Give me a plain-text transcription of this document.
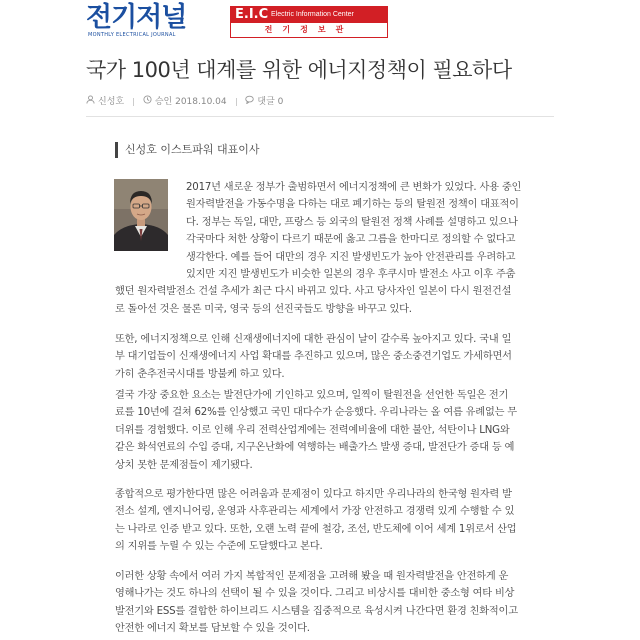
전기저널
MONTHLY ELECTRICAL JOURNAL
E.I.C Electric Information Center
전기정보관
국가 100년 대계를 위한 에너지정책이 필요하다
신성호	승인 2018.10.04	댓글 0
신성호 이스트파워 대표이사
2017년 새로운 정부가 출범하면서 에너지정책에 큰 변화가 있었다. 사용 중인
원자력발전을 가동수명을 다하는 대로 폐기하는 등의 탈원전 정책이 대표적이
다. 정부는 독일, 대만, 프랑스 등 외국의 탈원전 정책 사례를 설명하고 있으나
각국마다 처한 상황이 다르기 때문에 옳고 그름을 한마디로 정의할 수 없다고
생각한다. 예를 들어 대만의 경우 지진 발생빈도가 높아 안전관리를 우려하고
있지만 지진 발생빈도가 비슷한 일본의 경우 후쿠시마 발전소 사고 이후 주춤
했던 원자력발전소 건설 추세가 최근 다시 바뀌고 있다. 사고 당사자인 일본이 다시 원전건설
로 돌아선 것은 물론 미국, 영국 등의 선진국들도 방향을 바꾸고 있다.
또한, 에너지정책으로 인해 신재생에너지에 대한 관심이 날이 갈수록 높아지고 있다. 국내 일
부 대기업들이 신재생에너지 사업 확대를 추진하고 있으며, 많은 중소중견기업도 가세하면서
가히 춘추전국시대를 방불케 하고 있다.
결국 가장 중요한 요소는 발전단가에 기인하고 있으며, 일찍이 탈원전을 선언한 독일은 전기
료를 10년에 걸쳐 62%를 인상했고 국민 대다수가 순응했다. 우리나라는 올 여름 유례없는 무
더위를 경험했다. 이로 인해 우리 전력산업계에는 전력예비율에 대한 불안, 석탄이나 LNG와
같은 화석연료의 수입 증대, 지구온난화에 역행하는 배출가스 발생 증대, 발전단가 증대 등 예
상치 못한 문제점들이 제기됐다.
종합적으로 평가한다면 많은 어려움과 문제점이 있다고 하지만 우리나라의 한국형 원자력 발
전소 설계, 엔지니어링, 운영과 사후관리는 세계에서 가장 안전하고 경쟁력 있게 수행할 수 있
는 나라로 인증 받고 있다. 또한, 오랜 노력 끝에 철강, 조선, 반도체에 이어 세계 1위로서 산업
의 지위를 누릴 수 있는 수준에 도달했다고 본다.
이러한 상황 속에서 여러 가지 복합적인 문제점을 고려해 봤을 때 원자력발전을 안전하게 운
영해나가는 것도 하나의 선택이 될 수 있을 것이다. 그리고 비상시를 대비한 중소형 여타 비상
발전기와 ESS를 결합한 하이브리드 시스템을 집중적으로 육성시켜 나간다면 환경 친화적이고
안전한 에너지 확보를 담보할 수 있을 것이다.
